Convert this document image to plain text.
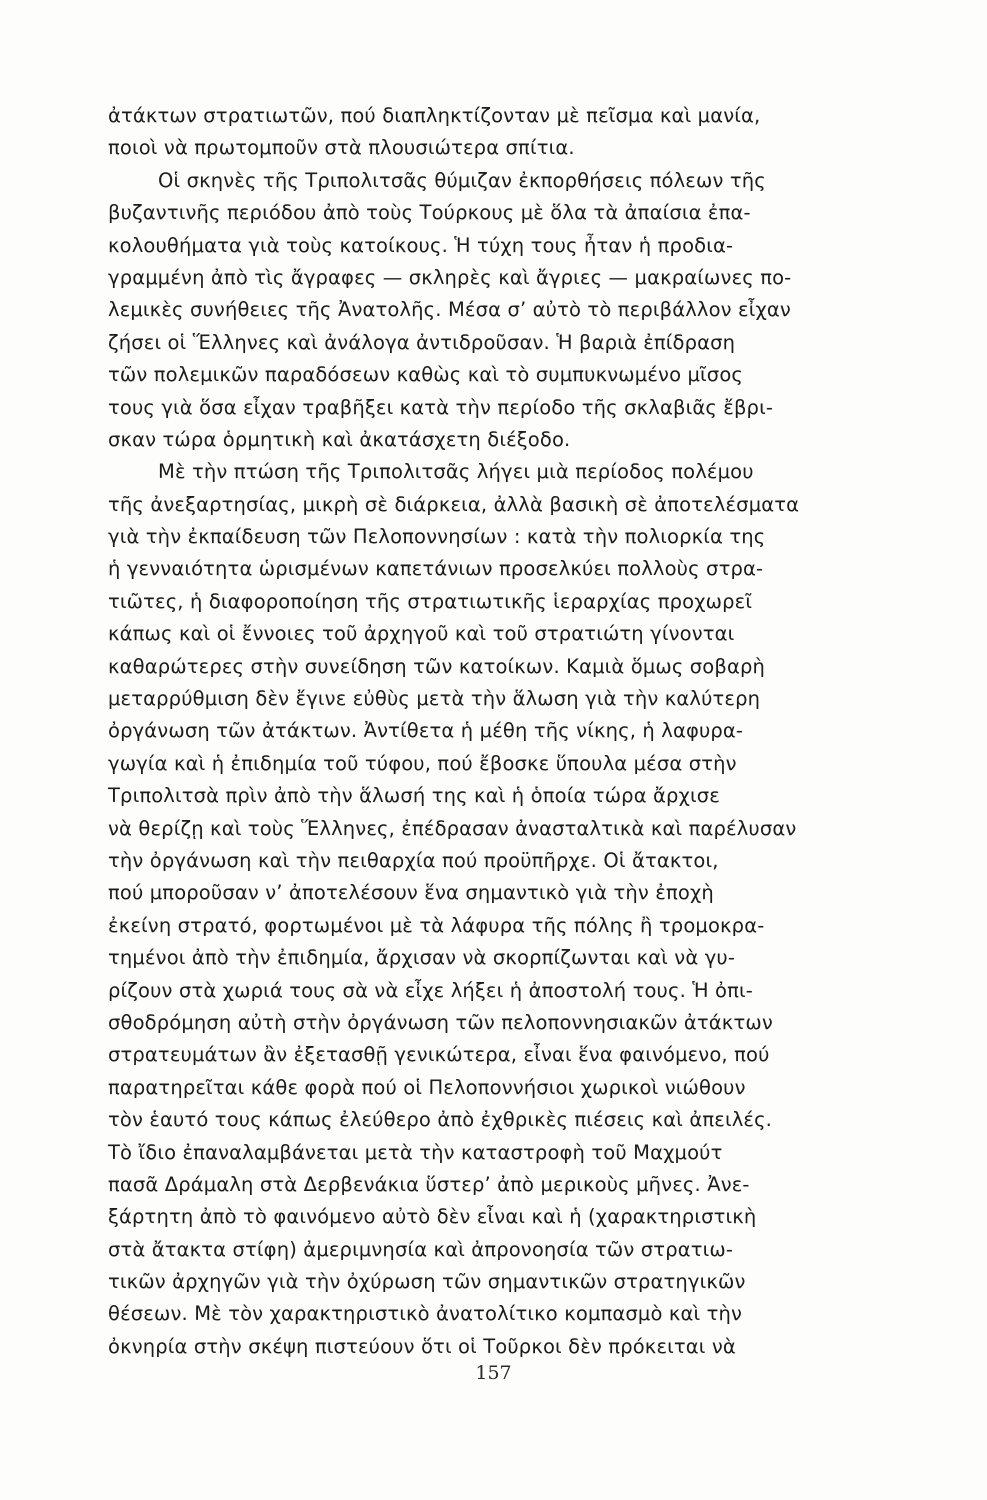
ἀτάκτων στρατιωτῶν, πού διαπληκτίζονταν μὲ πεῖσμα καὶ μανία,
ποιοὶ νὰ πρωτομποῦν στὰ πλουσιώτερα σπίτια.
Οἱ σκηνὲς τῆς Τριπολιτσᾶς θύμιζαν ἐκπορθήσεις πόλεων τῆς
βυζαντινῆς περιόδου ἀπὸ τοὺς Τούρκους μὲ ὅλα τὰ ἀπαίσια ἐπα-
κολουθήματα γιὰ τοὺς κατοίκους. Ἡ τύχη τους ἦταν ἡ προδια-
γραμμένη ἀπὸ τὶς ἄγραφες — σκληρὲς καὶ ἄγριες — μακραίωνες πο-
λεμικὲς συνήθειες τῆς Ἀνατολῆς. Μέσα σ’ αὐτὸ τὸ περιβάλλον εἶχαν
ζήσει οἱ Ἕλληνες καὶ ἀνάλογα ἀντιδροῦσαν. Ἡ βαριὰ ἐπίδραση
τῶν πολεμικῶν παραδόσεων καθὼς καὶ τὸ συμπυκνωμένο μῖσος
τους γιὰ ὅσα εἶχαν τραβῆξει κατὰ τὴν περίοδο τῆς σκλαβιᾶς ἔβρι-
σκαν τώρα ὁρμητικὴ καὶ ἀκατάσχετη διέξοδο.
Μὲ τὴν πτώση τῆς Τριπολιτσᾶς λήγει μιὰ περίοδος πολέμου
τῆς ἀνεξαρτησίας, μικρὴ σὲ διάρκεια, ἀλλὰ βασικὴ σὲ ἀποτελέσματα
γιὰ τὴν ἐκπαίδευση τῶν Πελοποννησίων : κατὰ τὴν πολιορκία της
ἡ γενναιότητα ὡρισμένων καπετάνιων προσελκύει πολλοὺς στρα-
τιῶτες, ἡ διαφοροποίηση τῆς στρατιωτικῆς ἱεραρχίας προχωρεῖ
κάπως καὶ οἱ ἔννοιες τοῦ ἀρχηγοῦ καὶ τοῦ στρατιώτη γίνονται
καθαρώτερες στὴν συνείδηση τῶν κατοίκων. Καμιὰ ὅμως σοβαρὴ
μεταρρύθμιση δὲν ἔγινε εὐθὺς μετὰ τὴν ἅλωση γιὰ τὴν καλύτερη
ὀργάνωση τῶν ἀτάκτων. Ἀντίθετα ἡ μέθη τῆς νίκης, ἡ λαφυρα-
γωγία καὶ ἡ ἐπιδημία τοῦ τύφου, πού ἔβοσκε ὕπουλα μέσα στὴν
Τριπολιτσὰ πρὶν ἀπὸ τὴν ἅλωσή της καὶ ἡ ὁποία τώρα ἄρχισε
νὰ θερίζῃ καὶ τοὺς Ἕλληνες, ἐπέδρασαν ἀνασταλτικὰ καὶ παρέλυσαν
τὴν ὀργάνωση καὶ τὴν πειθαρχία πού προϋπῆρχε. Οἱ ἄτακτοι,
πού μποροῦσαν ν’ ἀποτελέσουν ἕνα σημαντικὸ γιὰ τὴν ἐποχὴ
ἐκείνη στρατό, φορτωμένοι μὲ τὰ λάφυρα τῆς πόλης ἢ τρομοκρα-
τημένοι ἀπὸ τὴν ἐπιδημία, ἄρχισαν νὰ σκορπίζωνται καὶ νὰ γυ-
ρίζουν στὰ χωριά τους σὰ νὰ εἶχε λήξει ἡ ἀποστολή τους. Ἡ ὀπι-
σθοδρόμηση αὐτὴ στὴν ὀργάνωση τῶν πελοποννησιακῶν ἀτάκτων
στρατευμάτων ἂν ἐξετασθῇ γενικώτερα, εἶναι ἕνα φαινόμενο, πού
παρατηρεῖται κάθε φορὰ πού οἱ Πελοποννήσιοι χωρικοὶ νιώθουν
τὸν ἑαυτό τους κάπως ἐλεύθερο ἀπὸ ἐχθρικὲς πιέσεις καὶ ἀπειλές.
Τὸ ἴδιο ἐπαναλαμβάνεται μετὰ τὴν καταστροφὴ τοῦ Μαχμούτ
πασᾶ Δράμαλη στὰ Δερβενάκια ὕστερ’ ἀπὸ μερικοὺς μῆνες. Ἀνε-
ξάρτητη ἀπὸ τὸ φαινόμενο αὐτὸ δὲν εἶναι καὶ ἡ (χαρακτηριστικὴ
στὰ ἄτακτα στίφη) ἀμεριμνησία καὶ ἀπρονοησία τῶν στρατιω-
τικῶν ἀρχηγῶν γιὰ τὴν ὀχύρωση τῶν σημαντικῶν στρατηγικῶν
θέσεων. Μὲ τὸν χαρακτηριστικὸ ἀνατολίτικο κομπασμὸ καὶ τὴν
ὀκνηρία στὴν σκέψη πιστεύουν ὅτι οἱ Τοῦρκοι δὲν πρόκειται νὰ
157
